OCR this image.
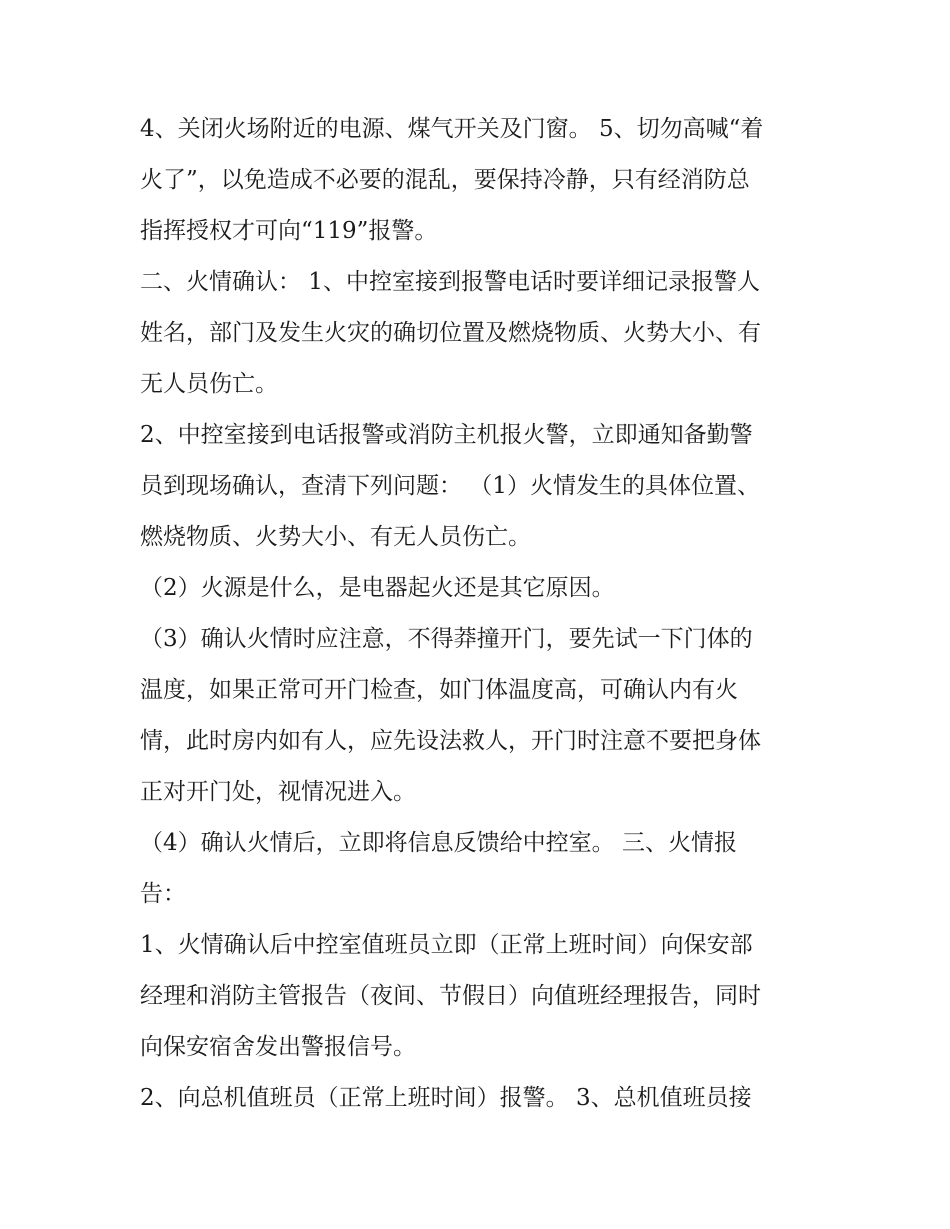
4、关闭火场附近的电源、煤气开关及门窗。 5、切勿高喊“着
火了”，以免造成不必要的混乱，要保持冷静，只有经消防总
指挥授权才可向“119”报警。
二、火情确认： 1、中控室接到报警电话时要详细记录报警人
姓名，部门及发生火灾的确切位置及燃烧物质、火势大小、有
无人员伤亡。
2、中控室接到电话报警或消防主机报火警，立即通知备勤警
员到现场确认，查清下列问题： （1）火情发生的具体位置、
燃烧物质、火势大小、有无人员伤亡。
（2）火源是什么，是电器起火还是其它原因。
（3）确认火情时应注意，不得莽撞开门，要先试一下门体的
温度，如果正常可开门检查，如门体温度高，可确认内有火
情，此时房内如有人，应先设法救人，开门时注意不要把身体
正对开门处，视情况进入。
（4）确认火情后，立即将信息反馈给中控室。 三、火情报
告：
1、火情确认后中控室值班员立即（正常上班时间）向保安部
经理和消防主管报告（夜间、节假日）向值班经理报告，同时
向保安宿舍发出警报信号。
2、向总机值班员（正常上班时间）报警。 3、总机值班员接
